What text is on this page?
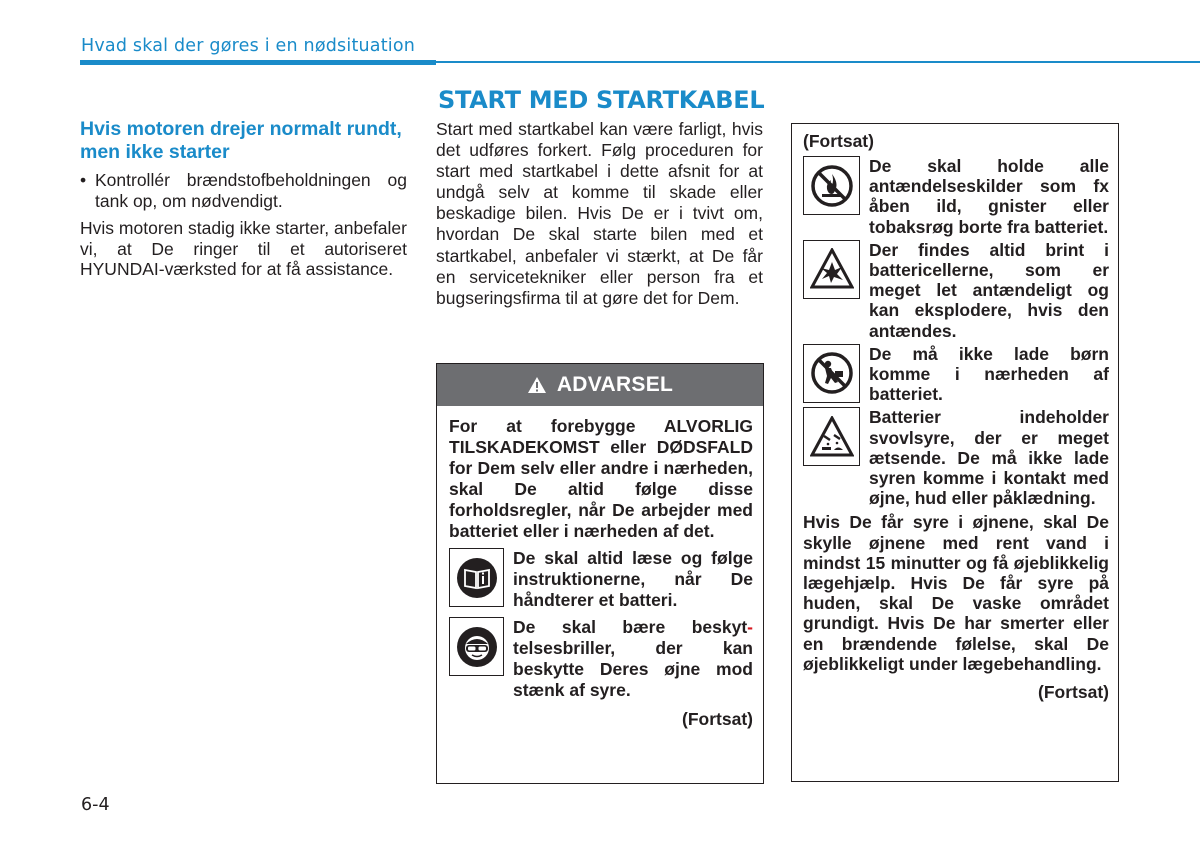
Hvad skal der gøres i en nødsituation
START MED STARTKABEL
Hvis motoren drejer normalt rundt, men ikke starter
• Kontrollér brændstofbeholdningen og tank op, om nødvendigt.

Hvis motoren stadig ikke starter, anbefaler vi, at De ringer til et autoriseret HYUNDAI-værksted for at få assistance.

Start med startkabel kan være farligt, hvis det udføres forkert. Følg proceduren for start med startkabel i dette afsnit for at undgå selv at komme til skade eller beskadige bilen. Hvis De er i tvivt om, hvordan De skal starte bilen med et startkabel, anbefaler vi stærkt, at De får en servicetekniker eller person fra et bugseringsfirma til at gøre det for Dem.

ADVARSEL

For at forebygge ALVORLIG TILSKADEKOMST eller DØDSFALD for Dem selv eller andre i nærheden, skal De altid følge disse forholdsregler, når De arbejder med batteriet eller i nærheden af det.

De skal altid læse og følge instruktionerne, når De håndterer et batteri.

De skal bære beskyt- telsesbriller, der kan beskytte Deres øjne mod stænk af syre.

(Fortsat)

(Fortsat)

De skal holde alle antændelseskilder som fx åben ild, gnister eller tobaksrøg borte fra batteriet.

Der findes altid brint i battericellerne, som er meget let antændeligt og kan eksplodere, hvis den antændes.

De må ikke lade børn komme i nærheden af batteriet.

Batterier indeholder svovlsyre, der er meget ætsende. De må ikke lade syren komme i kontakt med øjne, hud eller påklædning.

Hvis De får syre i øjnene, skal De skylle øjnene med rent vand i mindst 15 minutter og få øjeblikkelig lægehjælp. Hvis De får syre på huden, skal De vaske området grundigt. Hvis De har smerter eller en brændende følelse, skal De øjeblikkeligt under lægebehandling.

(Fortsat)

6-4
